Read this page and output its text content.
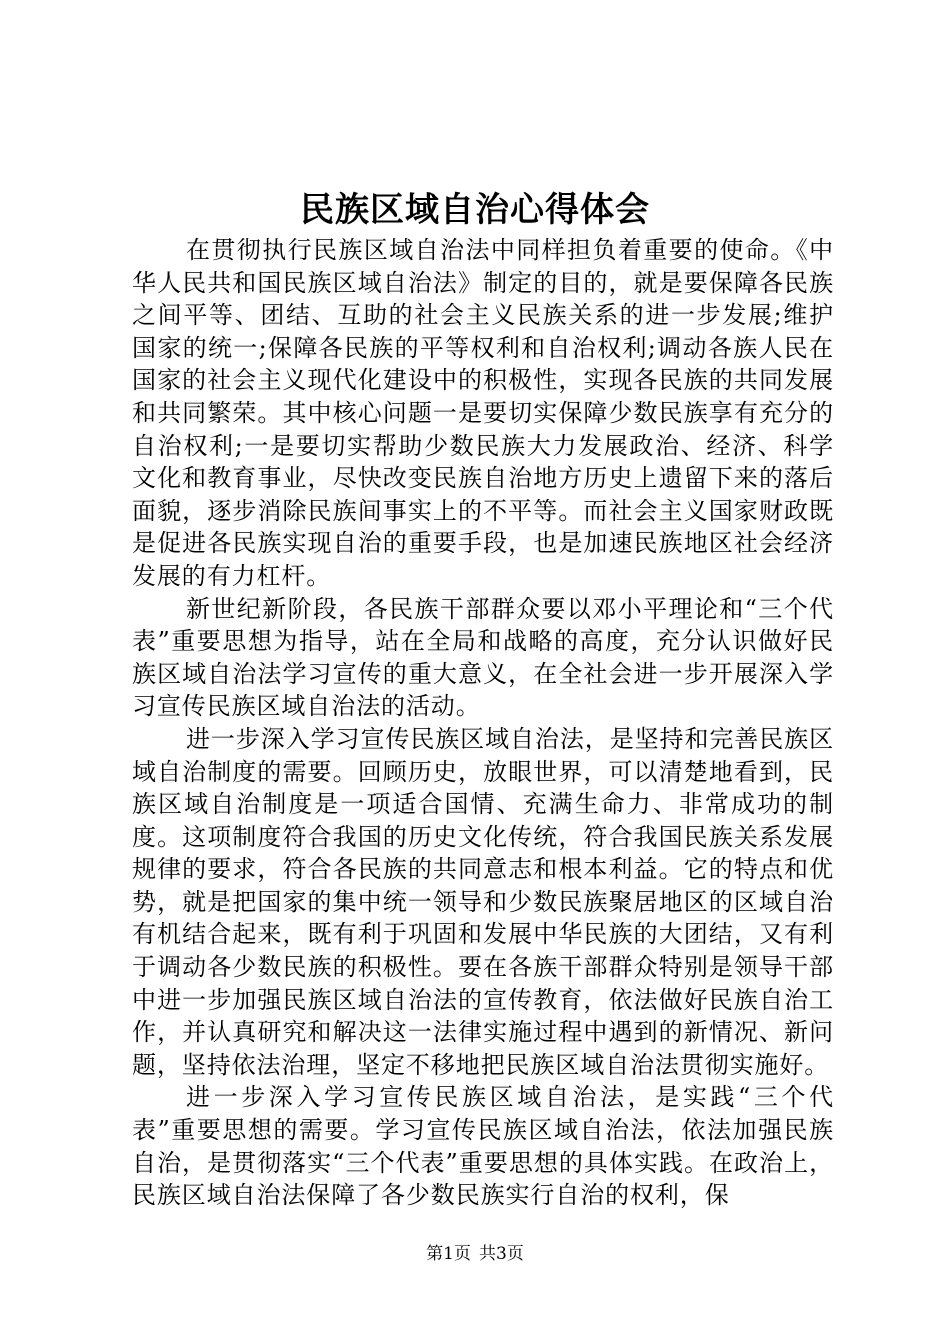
民族区域自治心得体会

在贯彻执行民族区域自治法中同样担负着重要的使命。《中华人民共和国民族区域自治法》制定的目的，就是要保障各民族之间平等、团结、互助的社会主义民族关系的进一步发展;维护国家的统一;保障各民族的平等权利和自治权利;调动各族人民在国家的社会主义现代化建设中的积极性，实现各民族的共同发展和共同繁荣。其中核心问题一是要切实保障少数民族享有充分的自治权利;一是要切实帮助少数民族大力发展政治、经济、科学文化和教育事业，尽快改变民族自治地方历史上遗留下来的落后面貌，逐步消除民族间事实上的不平等。而社会主义国家财政既是促进各民族实现自治的重要手段，也是加速民族地区社会经济发展的有力杠杆。

新世纪新阶段，各民族干部群众要以邓小平理论和“三个代表”重要思想为指导，站在全局和战略的高度，充分认识做好民族区域自治法学习宣传的重大意义，在全社会进一步开展深入学习宣传民族区域自治法的活动。

进一步深入学习宣传民族区域自治法，是坚持和完善民族区域自治制度的需要。回顾历史，放眼世界，可以清楚地看到，民族区域自治制度是一项适合国情、充满生命力、非常成功的制度。这项制度符合我国的历史文化传统，符合我国民族关系发展规律的要求，符合各民族的共同意志和根本利益。它的特点和优势，就是把国家的集中统一领导和少数民族聚居地区的区域自治有机结合起来，既有利于巩固和发展中华民族的大团结，又有利于调动各少数民族的积极性。要在各族干部群众特别是领导干部中进一步加强民族区域自治法的宣传教育，依法做好民族自治工作，并认真研究和解决这一法律实施过程中遇到的新情况、新问题，坚持依法治理，坚定不移地把民族区域自治法贯彻实施好。

进一步深入学习宣传民族区域自治法，是实践“三个代表”重要思想的需要。学习宣传民族区域自治法，依法加强民族自治，是贯彻落实“三个代表”重要思想的具体实践。在政治上，民族区域自治法保障了各少数民族实行自治的权利，保

第1页 共3页
